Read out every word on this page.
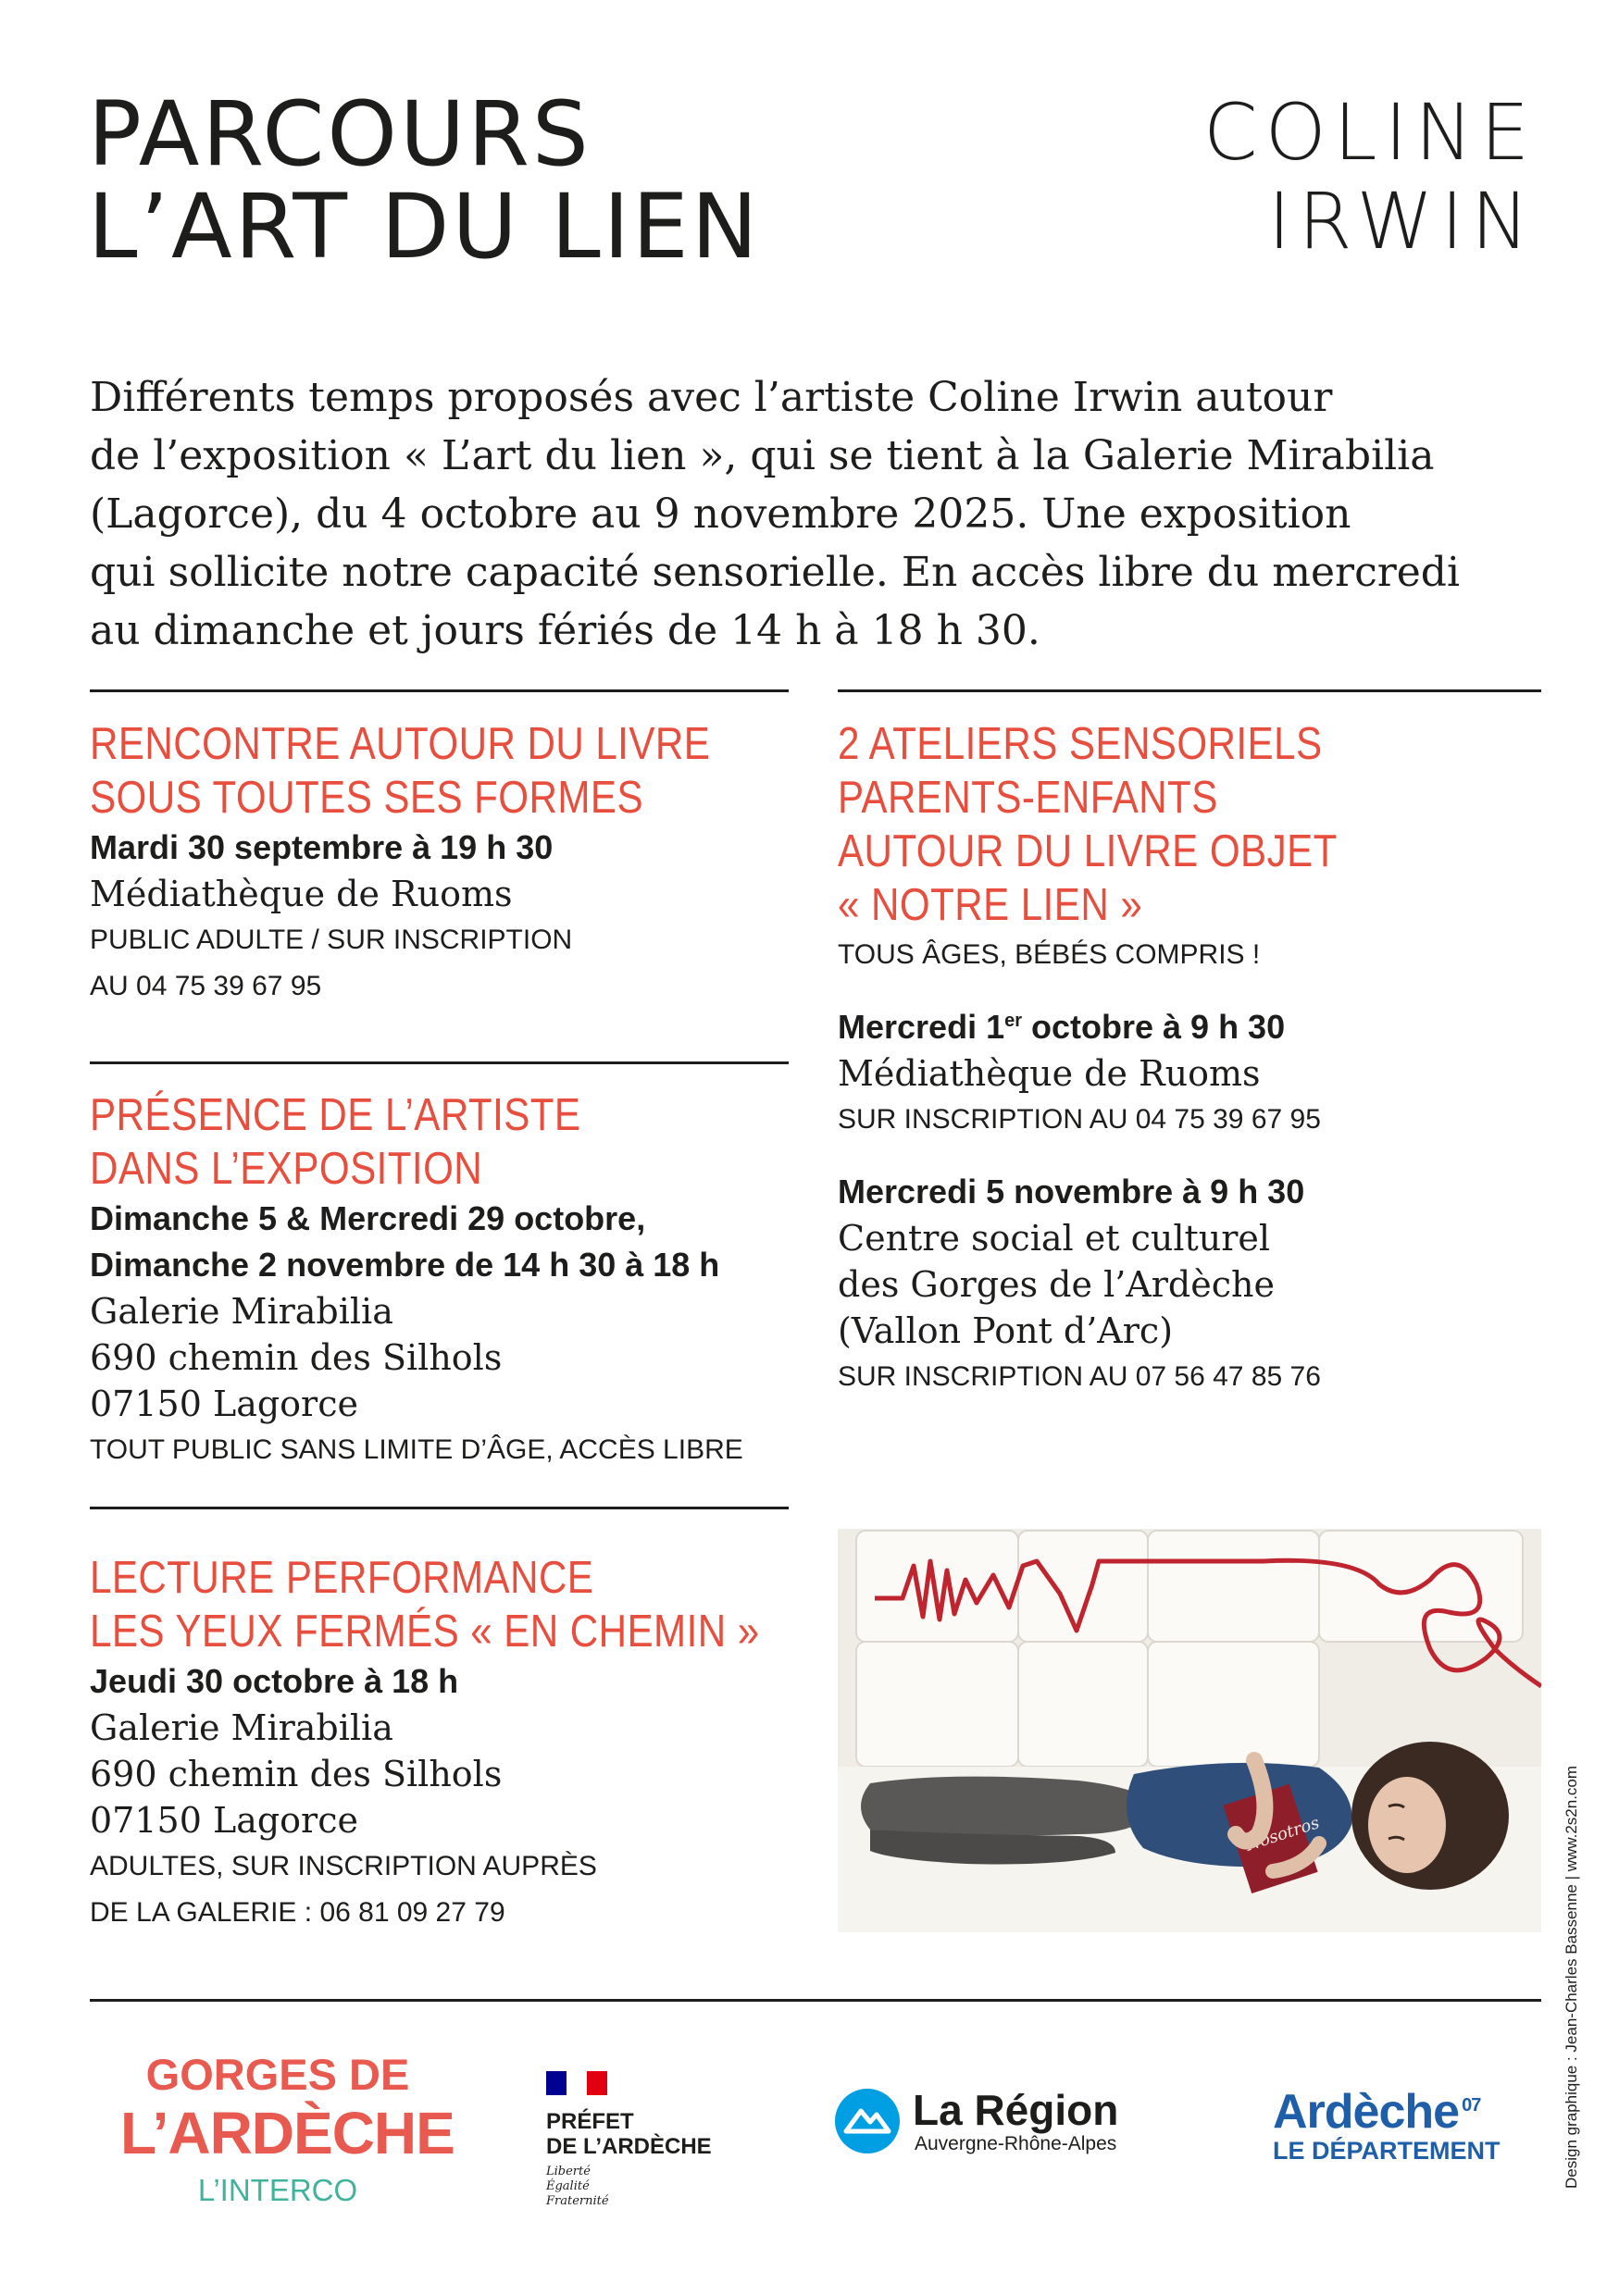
PARCOURS
L’ART DU LIEN
COLINE
IRWIN
Différents temps proposés avec l’artiste Coline Irwin autour
de l’exposition « L’art du lien », qui se tient à la Galerie Mirabilia
(Lagorce), du 4 octobre au 9 novembre 2025. Une exposition
qui sollicite notre capacité sensorielle. En accès libre du mercredi
au dimanche et jours fériés de 14 h à 18 h 30.
RENCONTRE AUTOUR DU LIVRE
SOUS TOUTES SES FORMES
Mardi 30 septembre à 19 h 30
Médiathèque de Ruoms
PUBLIC ADULTE / SUR INSCRIPTION
AU 04 75 39 67 95
PRÉSENCE DE L’ARTISTE
DANS L’EXPOSITION
Dimanche 5 & Mercredi 29 octobre,
Dimanche 2 novembre de 14 h 30 à 18 h
Galerie Mirabilia
690 chemin des Silhols
07150 Lagorce
TOUT PUBLIC SANS LIMITE D’ÂGE, ACCÈS LIBRE
LECTURE PERFORMANCE
LES YEUX FERMÉS « EN CHEMIN »
Jeudi 30 octobre à 18 h
Galerie Mirabilia
690 chemin des Silhols
07150 Lagorce
ADULTES, SUR INSCRIPTION AUPRÈS
DE LA GALERIE : 06 81 09 27 79
2 ATELIERS SENSORIELS
PARENTS-ENFANTS
AUTOUR DU LIVRE OBJET
« NOTRE LIEN »
TOUS ÂGES, BÉBÉS COMPRIS !
Mercredi 1er octobre à 9 h 30
Médiathèque de Ruoms
SUR INSCRIPTION AU 04 75 39 67 95
Mercredi 5 novembre à 9 h 30
Centre social et culturel
des Gorges de l’Ardèche
(Vallon Pont d’Arc)
SUR INSCRIPTION AU 07 56 47 85 76
Nosotros	Design graphique : Jean-Charles Bassenne | www.2s2n.com
GORGES DE
L’ARDÈCHE
L’INTERCO
PRÉFET
DE L’ARDÈCHE
Liberté
Égalité
Fraternité
La Région
Auvergne-Rhône-Alpes
Ardèche $^{07}$
LE DÉPARTEMENT
